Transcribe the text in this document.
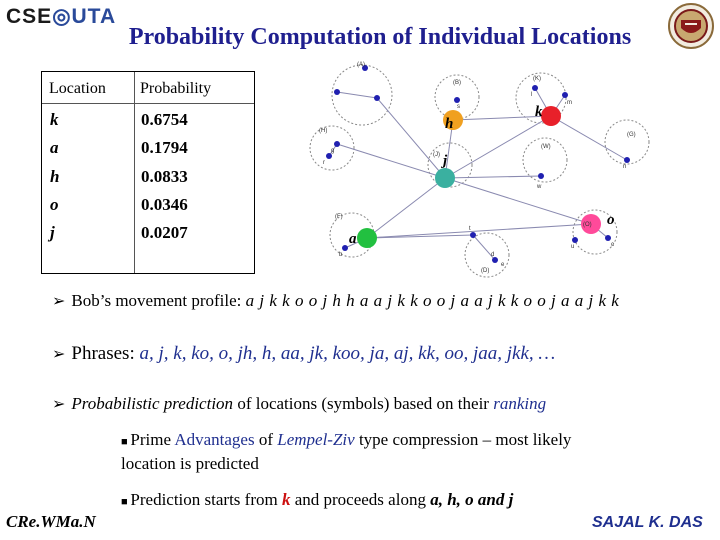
CSE◎UTA
Probability Computation of Individual Locations
Location Probability
k	0.6754
a	0.1794
h	0.0833
o	0.0346
j	0.0207
h
k
j
o
a
(A)
(B)
(K)
(H)
(G)
(J)
(W)
(F)
(O)
(D)
s
l
m
g
r
n
w
b
t
e
c
d
u
➢ Bob’s movement profile: a j k k o o j h h a a j k k o o j a a j k k o o j a a j k k
➢ Phrases: a, j, k, ko, o, jh, h, aa, jk, koo, ja, aj, kk, oo, jaa, jkk, …
➢ Probabilistic prediction of locations (symbols) based on their ranking
■ Prime Advantages of Lempel-Ziv type compression – most likely
location is predicted
■ Prediction starts from k and proceeds along a, h, o and j
CRe.WMa.N	SAJAL K. DAS
